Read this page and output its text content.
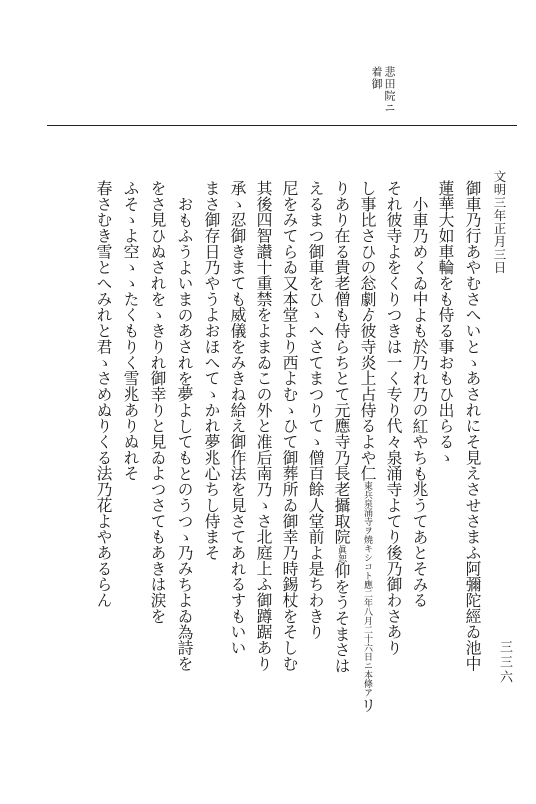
悲田院ニ
着御
三三六
文明三年正月三日
御車乃行あやむさへいとゝあされにそ見えさせさまふ阿彌陀經ゐ池中
蓮華大如車輪をも侍る事おもひ出らるゝ
小車乃めくゐ中よも於乃れ乃の紅やちも兆うてあとそみる
それ彼寺よをくりつきは一く专り代々泉涌寺よてり後乃御わさあり
し事比さひの忩劇ゟ彼寺炎上占侍るよや仁
東兵泉涌寺ヲ燒キシコト應
二年八月二十六日ニ本條ア
リ
りあり在る貴老僧も侍らちとて元應寺乃長老攝取院
眞
恕
仰をうそまさは
えるまつ御車をひゝへさてまつりてゝ僧百餘人堂前よ是ちわきり
尼をみてらゐ又本堂より西よむゝひて御葬所ゐ御幸乃時錫杖をそしむ
其後四智讃十重禁をよまゐこの外と准后南乃ゝさ北庭上ふ御蹲踞あり
承ゝ忍御きまても威儀をみきね給え御作法を見さてあれるすもいい
まさ御存日乃やうよおほへてゝかれ夢兆心ちし侍まそ
おもふうよいまのあされを夢よしてもとのうつゝ乃みちよゐ為詩を
をさ見ひぬされをゝきりれ御幸りと見ゐよつさてもあきは涙を
ふそゝよ空ゝゝたくもりく雪兆ありぬれそ
春さむき雪とへみれと君ゝさめぬりくる法乃花よやあるらん
